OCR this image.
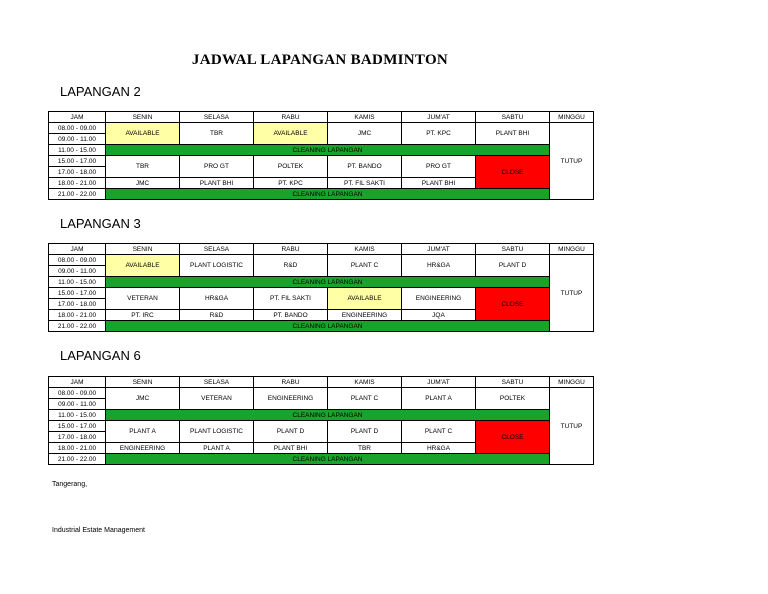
JADWAL LAPANGAN BADMINTON
LAPANGAN 2
JAM	SENIN	SELASA	RABU	KAMIS	JUM'AT	SABTU	MINGGU
08.00 - 09.00	AVAILABLE	TBR	AVAILABLE	JMC	PT. KPC	PLANT BHI	TUTUP
09.00 - 11.00							
11.00 - 15.00	CLEANING LAPANGAN						
15.00 - 17.00	TBR	PRO GT	POLTEK	PT. BANDO	PRO GT	CLOSE	
17.00 - 18.00							
18.00 - 21.00	JMC	PLANT BHI	PT. KPC	PT. FIL SAKTI	PLANT BHI		
21.00 - 22.00	CLEANING LAPANGAN						
LAPANGAN 3
JAM	SENIN	SELASA	RABU	KAMIS	JUM'AT	SABTU	MINGGU
08.00 - 09.00	AVAILABLE	PLANT LOGISTIC	R&D	PLANT C	HR&GA	PLANT D	TUTUP
09.00 - 11.00							
11.00 - 15.00	CLEANING LAPANGAN						
15.00 - 17.00	VETERAN	HR&GA	PT. FIL SAKTI	AVAILABLE	ENGINEERING	CLOSE	
17.00 - 18.00							
18.00 - 21.00	PT. IRC	R&D	PT. BANDO	ENGINEERING	JQA		
21.00 - 22.00	CLEANING LAPANGAN						
LAPANGAN 6
JAM	SENIN	SELASA	RABU	KAMIS	JUM'AT	SABTU	MINGGU
08.00 - 09.00	JMC	VETERAN	ENGINEERING	PLANT C	PLANT A	POLTEK	TUTUP
09.00 - 11.00							
11.00 - 15.00	CLEANING LAPANGAN						
15.00 - 17.00	PLANT A	PLANT LOGISTIC	PLANT D	PLANT D	PLANT C	CLOSE	
17.00 - 18.00							
18.00 - 21.00	ENGINEERING	PLANT A	PLANT BHI	TBR	HR&GA		
21.00 - 22.00	CLEANING LAPANGAN						
Tangerang,
Industrial Estate Management
